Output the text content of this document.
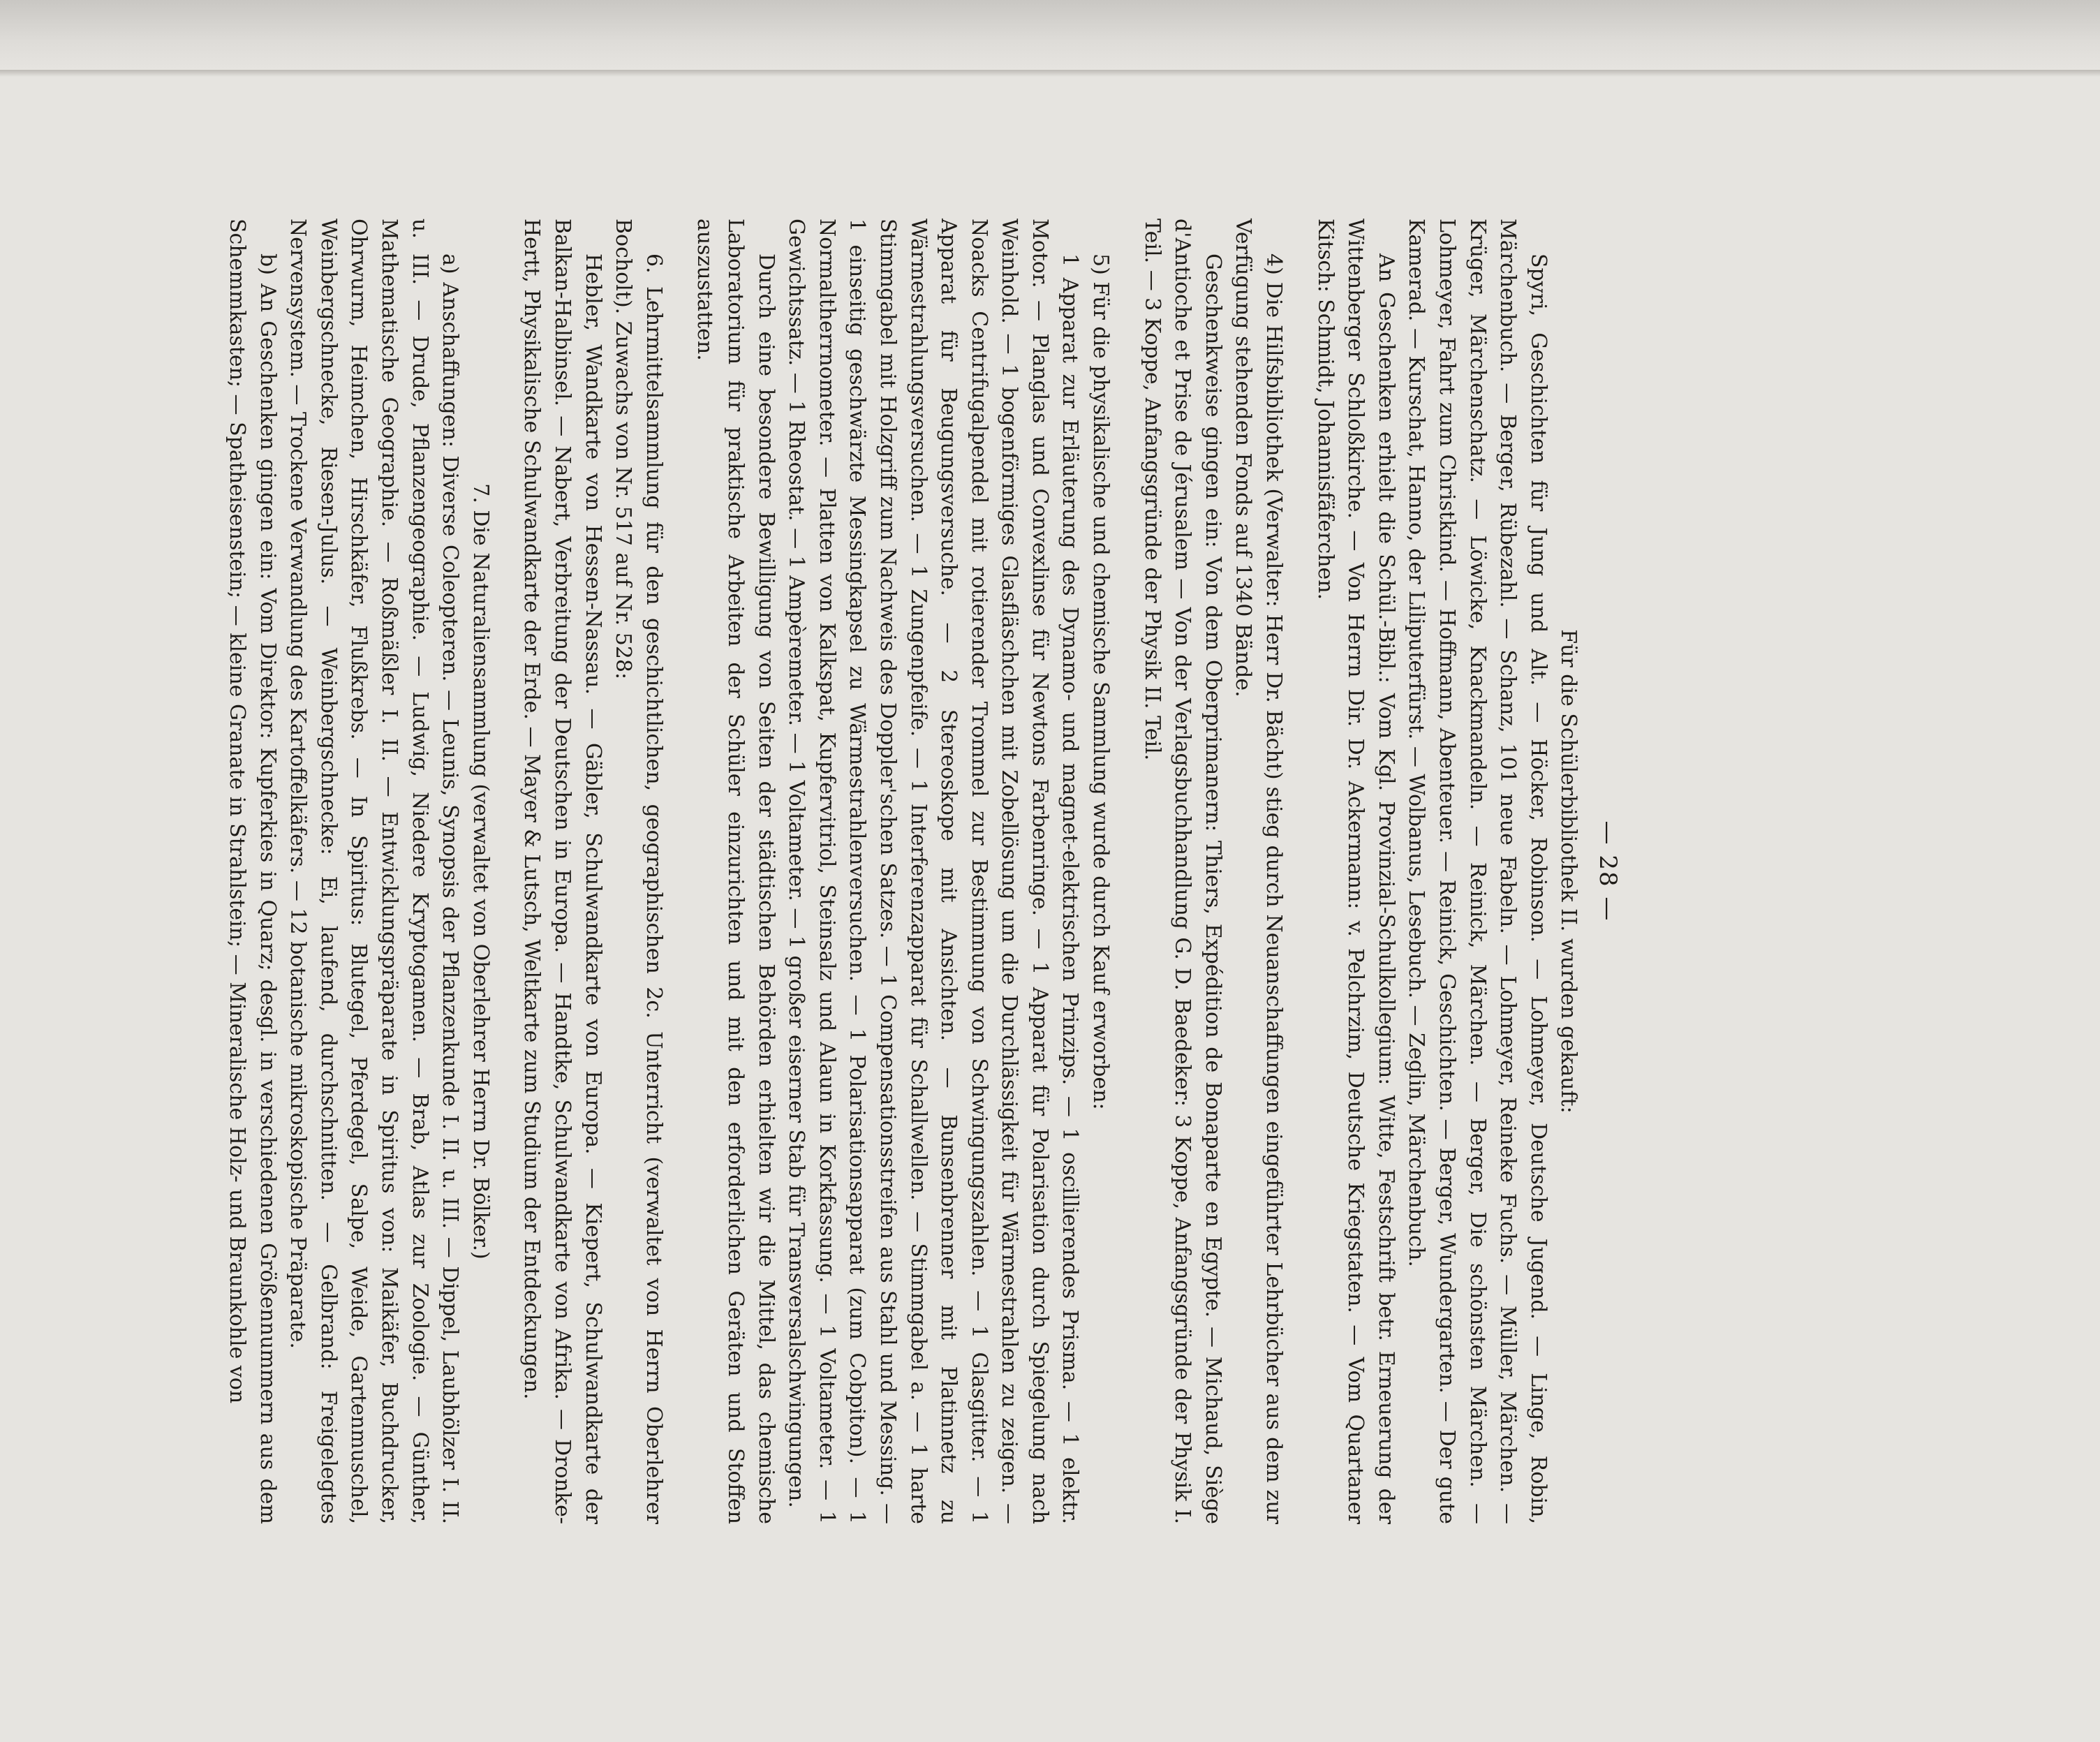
— 28 —

Für die Schülerbibliothek II. wurden gekauft:

Spyri, Geschichten für Jung und Alt. — Höcker, Robinson. — Lohmeyer, Deutsche Jugend. — Linge, Robin, Märchenbuch. — Berger, Rübezahl. — Schanz, 101 neue Fabeln. — Lohmeyer, Reineke Fuchs. — Müller, Märchen. — Krüger, Märchenschatz. — Löwicke, Knackmandeln. — Reinick, Märchen. — Berger, Die schönsten Märchen. — Lohmeyer, Fahrt zum Christkind. — Hoffmann, Abenteuer. — Reinick, Geschichten. — Berger, Wundergarten. — Der gute Kamerad. — Kurschat, Hanno, der Liliputerfürst. — Wolbanus, Lesebuch. — Zeglin, Märchenbuch.

An Geschenken erhielt die Schül.-Bibl.: Vom Kgl. Provinzial-Schulkollegium: Witte, Festschrift betr. Erneuerung der Wittenberger Schloßkirche. — Von Herrn Dir. Dr. Ackermann: v. Pelchrzim, Deutsche Kriegstaten. — Vom Quartaner Kitsch: Schmidt, Johannisfäferchen.

4) Die Hilfsbibliothek (Verwalter: Herr Dr. Bächt) stieg durch Neuanschaffungen eingeführter Lehrbücher aus dem zur Verfügung stehenden Fonds auf 1340 Bände.

Geschenkweise gingen ein: Von dem Oberprimanern: Thiers, Expédition de Bonaparte en Egypte. — Michaud, Siège d'Antioche et Prise de Jérusalem — Von der Verlagsbuchhandlung G. D. Baedeker: 3 Koppe, Anfangsgründe der Physik I. Teil. — 3 Koppe, Anfangsgründe der Physik II. Teil.

5) Für die physikalische und chemische Sammlung wurde durch Kauf erworben:

1 Apparat zur Erläuterung des Dynamo- und magnet-elektrischen Prinzips. — 1 oscillierendes Prisma. — 1 elektr. Motor. — Planglas und Convexlinse für Newtons Farbenringe. — 1 Apparat für Polarisation durch Spiegelung nach Weinhold. — 1 bogenförmiges Glasfläschchen mit Zobellösung um die Durchlässigkeit für Wärmestrahlen zu zeigen. — Noacks Centrifugalpendel mit rotierender Trommel zur Bestimmung von Schwingungszahlen. — 1 Glasgitter. — 1 Apparat für Beugungsversuche. — 2 Stereoskope mit Ansichten. — Bunsenbrenner mit Platinnetz zu Wärmestrahlungsversuchen. — 1 Zungenpfeife. — 1 Interferenzapparat für Schallwellen. — Stimmgabel a. — 1 harte Stimmgabel mit Holzgriff zum Nachweis des Doppler'schen Satzes. — 1 Compensationsstreifen aus Stahl und Messing. — 1 einseitig geschwärzte Messingkapsel zu Wärmestrahlenversuchen. — 1 Polarisationsapparat (zum Cobpiton). — 1 Normaltherrnometer. — Platten von Kalkspat, Kupfervitriol, Steinsalz und Alaun in Korkfassung. — 1 Voltameter. — 1 Gewichtssatz. — 1 Rheostat. — 1 Ampèremeter. — 1 Voltameter. — 1 großer eiserner Stab für Transversalschwingungen.

Durch eine besondere Bewilligung von Seiten der städtischen Behörden erhielten wir die Mittel, das chemische Laboratorium für praktische Arbeiten der Schüler einzurichten und mit den erforderlichen Geräten und Stoffen auszustatten.

6. Lehrmittelsammlung für den geschichtlichen, geographischen 2c. Unterricht (verwaltet von Herrn Oberlehrer Bocholt). Zuwachs von Nr. 517 auf Nr. 528:

Hebler, Wandkarte von Hessen-Nassau. — Gäbler, Schulwandkarte von Europa. — Kiepert, Schulwandkarte der Balkan-Halbinsel. — Nabert, Verbreitung der Deutschen in Europa. — Handtke, Schulwandkarte von Afrika. — Dronke-Hertt, Physikalische Schulwandkarte der Erde. — Mayer & Lutsch, Weltkarte zum Studium der Entdeckungen.

7. Die Naturaliensammlung (verwaltet von Oberlehrer Herrn Dr. Bölker.)

a) Anschaffungen: Diverse Coleopteren. — Leunis, Synopsis der Pflanzenkunde I. II. u. III. — Dippel, Laubhölzer I. II. u. III. — Drude, Pflanzengeographie. — Ludwig, Niedere Kryptogamen. — Brab, Atlas zur Zoologie. — Günther, Mathematische Geographie. — Roßmäßler I. II. — Entwicklungspräparate in Spiritus von: Maikäfer, Buchdrucker, Ohrwurm, Heimchen, Hirschkäfer, Flußkrebs. — In Spiritus: Blutegel, Pferdegel, Salpe, Weide, Gartenmuschel, Weinbergschnecke, Riesen-Julus. — Weinbergschnecke: Ei, laufend, durchschnitten. — Gelbrand: Freigelegtes Nervensystem. — Trockene Verwandlung des Kartoffelkäfers. — 12 botanische mikroskopische Präparate.

b) An Geschenken gingen ein: Vom Direktor: Kupferkies in Quarz; desgl. in verschiedenen Größennummern aus dem Schemmkasten; — Spatheisenstein; — kleine Granate in Strahlstein; — Mineralische Holz- und Braunkohle von
